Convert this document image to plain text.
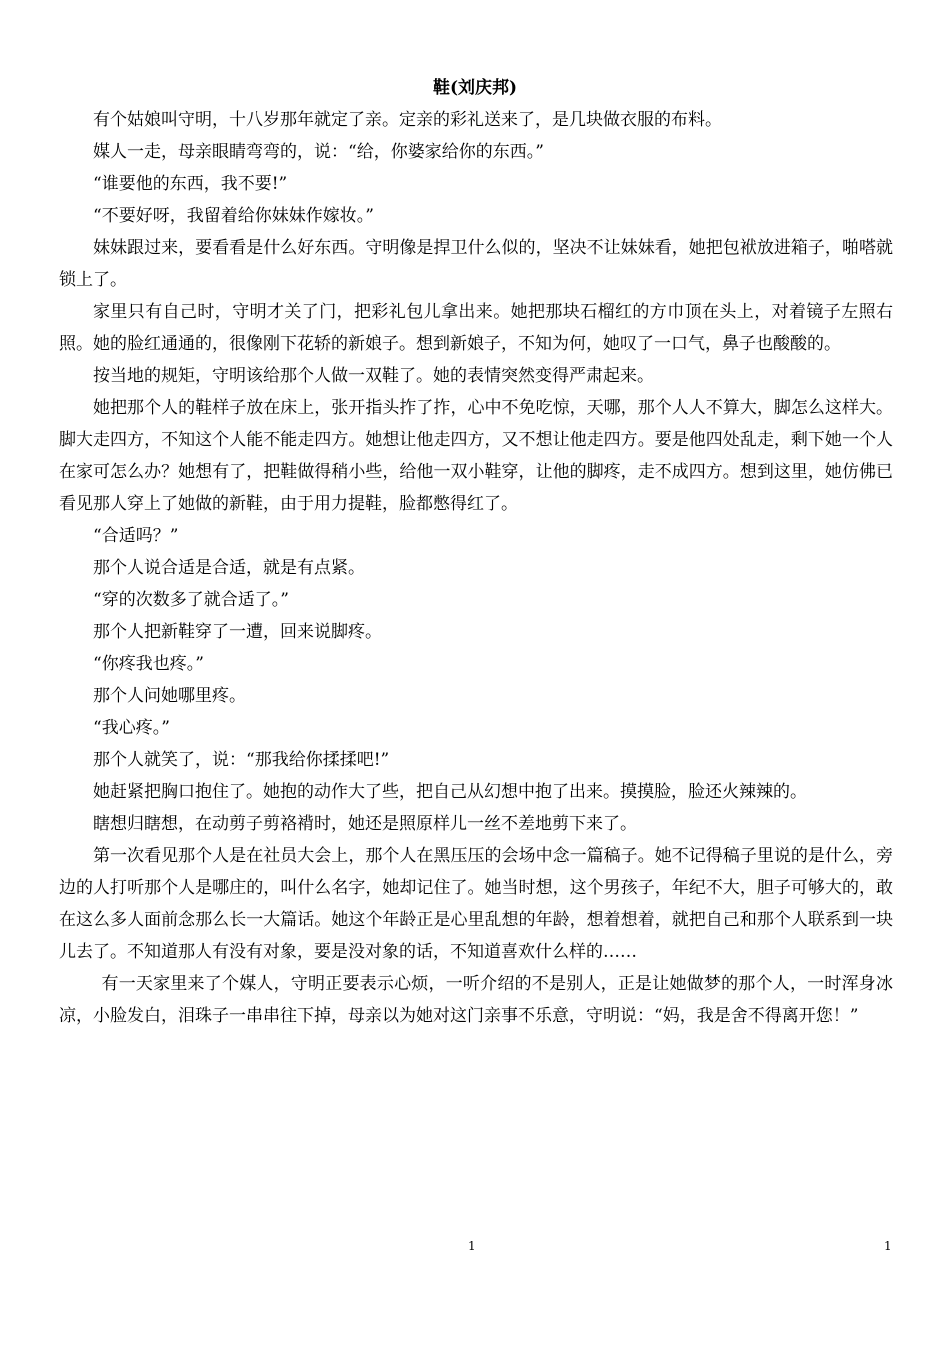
鞋(刘庆邦)

有个姑娘叫守明，十八岁那年就定了亲。定亲的彩礼送来了，是几块做衣服的布料。

媒人一走，母亲眼睛弯弯的，说：“给，你婆家给你的东西。”

“谁要他的东西，我不要!”

“不要好呀，我留着给你妹妹作嫁妆。”

妹妹跟过来，要看看是什么好东西。守明像是捍卫什么似的，坚决不让妹妹看，她把包袱放进箱子，啪嗒就锁上了。

家里只有自己时，守明才关了门，把彩礼包儿拿出来。她把那块石榴红的方巾顶在头上，对着镜子左照右照。她的脸红通通的，很像刚下花轿的新娘子。想到新娘子，不知为何，她叹了一口气，鼻子也酸酸的。

按当地的规矩，守明该给那个人做一双鞋了。她的表情突然变得严肃起来。

她把那个人的鞋样子放在床上，张开指头拃了拃，心中不免吃惊，天哪，那个人人不算大，脚怎么这样大。脚大走四方，不知这个人能不能走四方。她想让他走四方，又不想让他走四方。要是他四处乱走，剩下她一个人在家可怎么办？她想有了，把鞋做得稍小些，给他一双小鞋穿，让他的脚疼，走不成四方。想到这里，她仿佛已看见那人穿上了她做的新鞋，由于用力提鞋，脸都憋得红了。

“合适吗？”

那个人说合适是合适，就是有点紧。

“穿的次数多了就合适了。”

那个人把新鞋穿了一遭，回来说脚疼。

“你疼我也疼。”

那个人问她哪里疼。

“我心疼。”

那个人就笑了，说：“那我给你揉揉吧!”

她赶紧把胸口抱住了。她抱的动作大了些，把自己从幻想中抱了出来。摸摸脸，脸还火辣辣的。

瞎想归瞎想，在动剪子剪袼褙时，她还是照原样儿一丝不差地剪下来了。

第一次看见那个人是在社员大会上，那个人在黑压压的会场中念一篇稿子。她不记得稿子里说的是什么，旁边的人打听那个人是哪庄的，叫什么名字，她却记住了。她当时想，这个男孩子，年纪不大，胆子可够大的，敢在这么多人面前念那么长一大篇话。她这个年龄正是心里乱想的年龄，想着想着，就把自己和那个人联系到一块儿去了。不知道那人有没有对象，要是没对象的话，不知道喜欢什么样的……

有一天家里来了个媒人，守明正要表示心烦，一听介绍的不是别人，正是让她做梦的那个人，一时浑身冰凉，小脸发白，泪珠子一串串往下掉，母亲以为她对这门亲事不乐意，守明说：“妈，我是舍不得离开您！”

1	1
